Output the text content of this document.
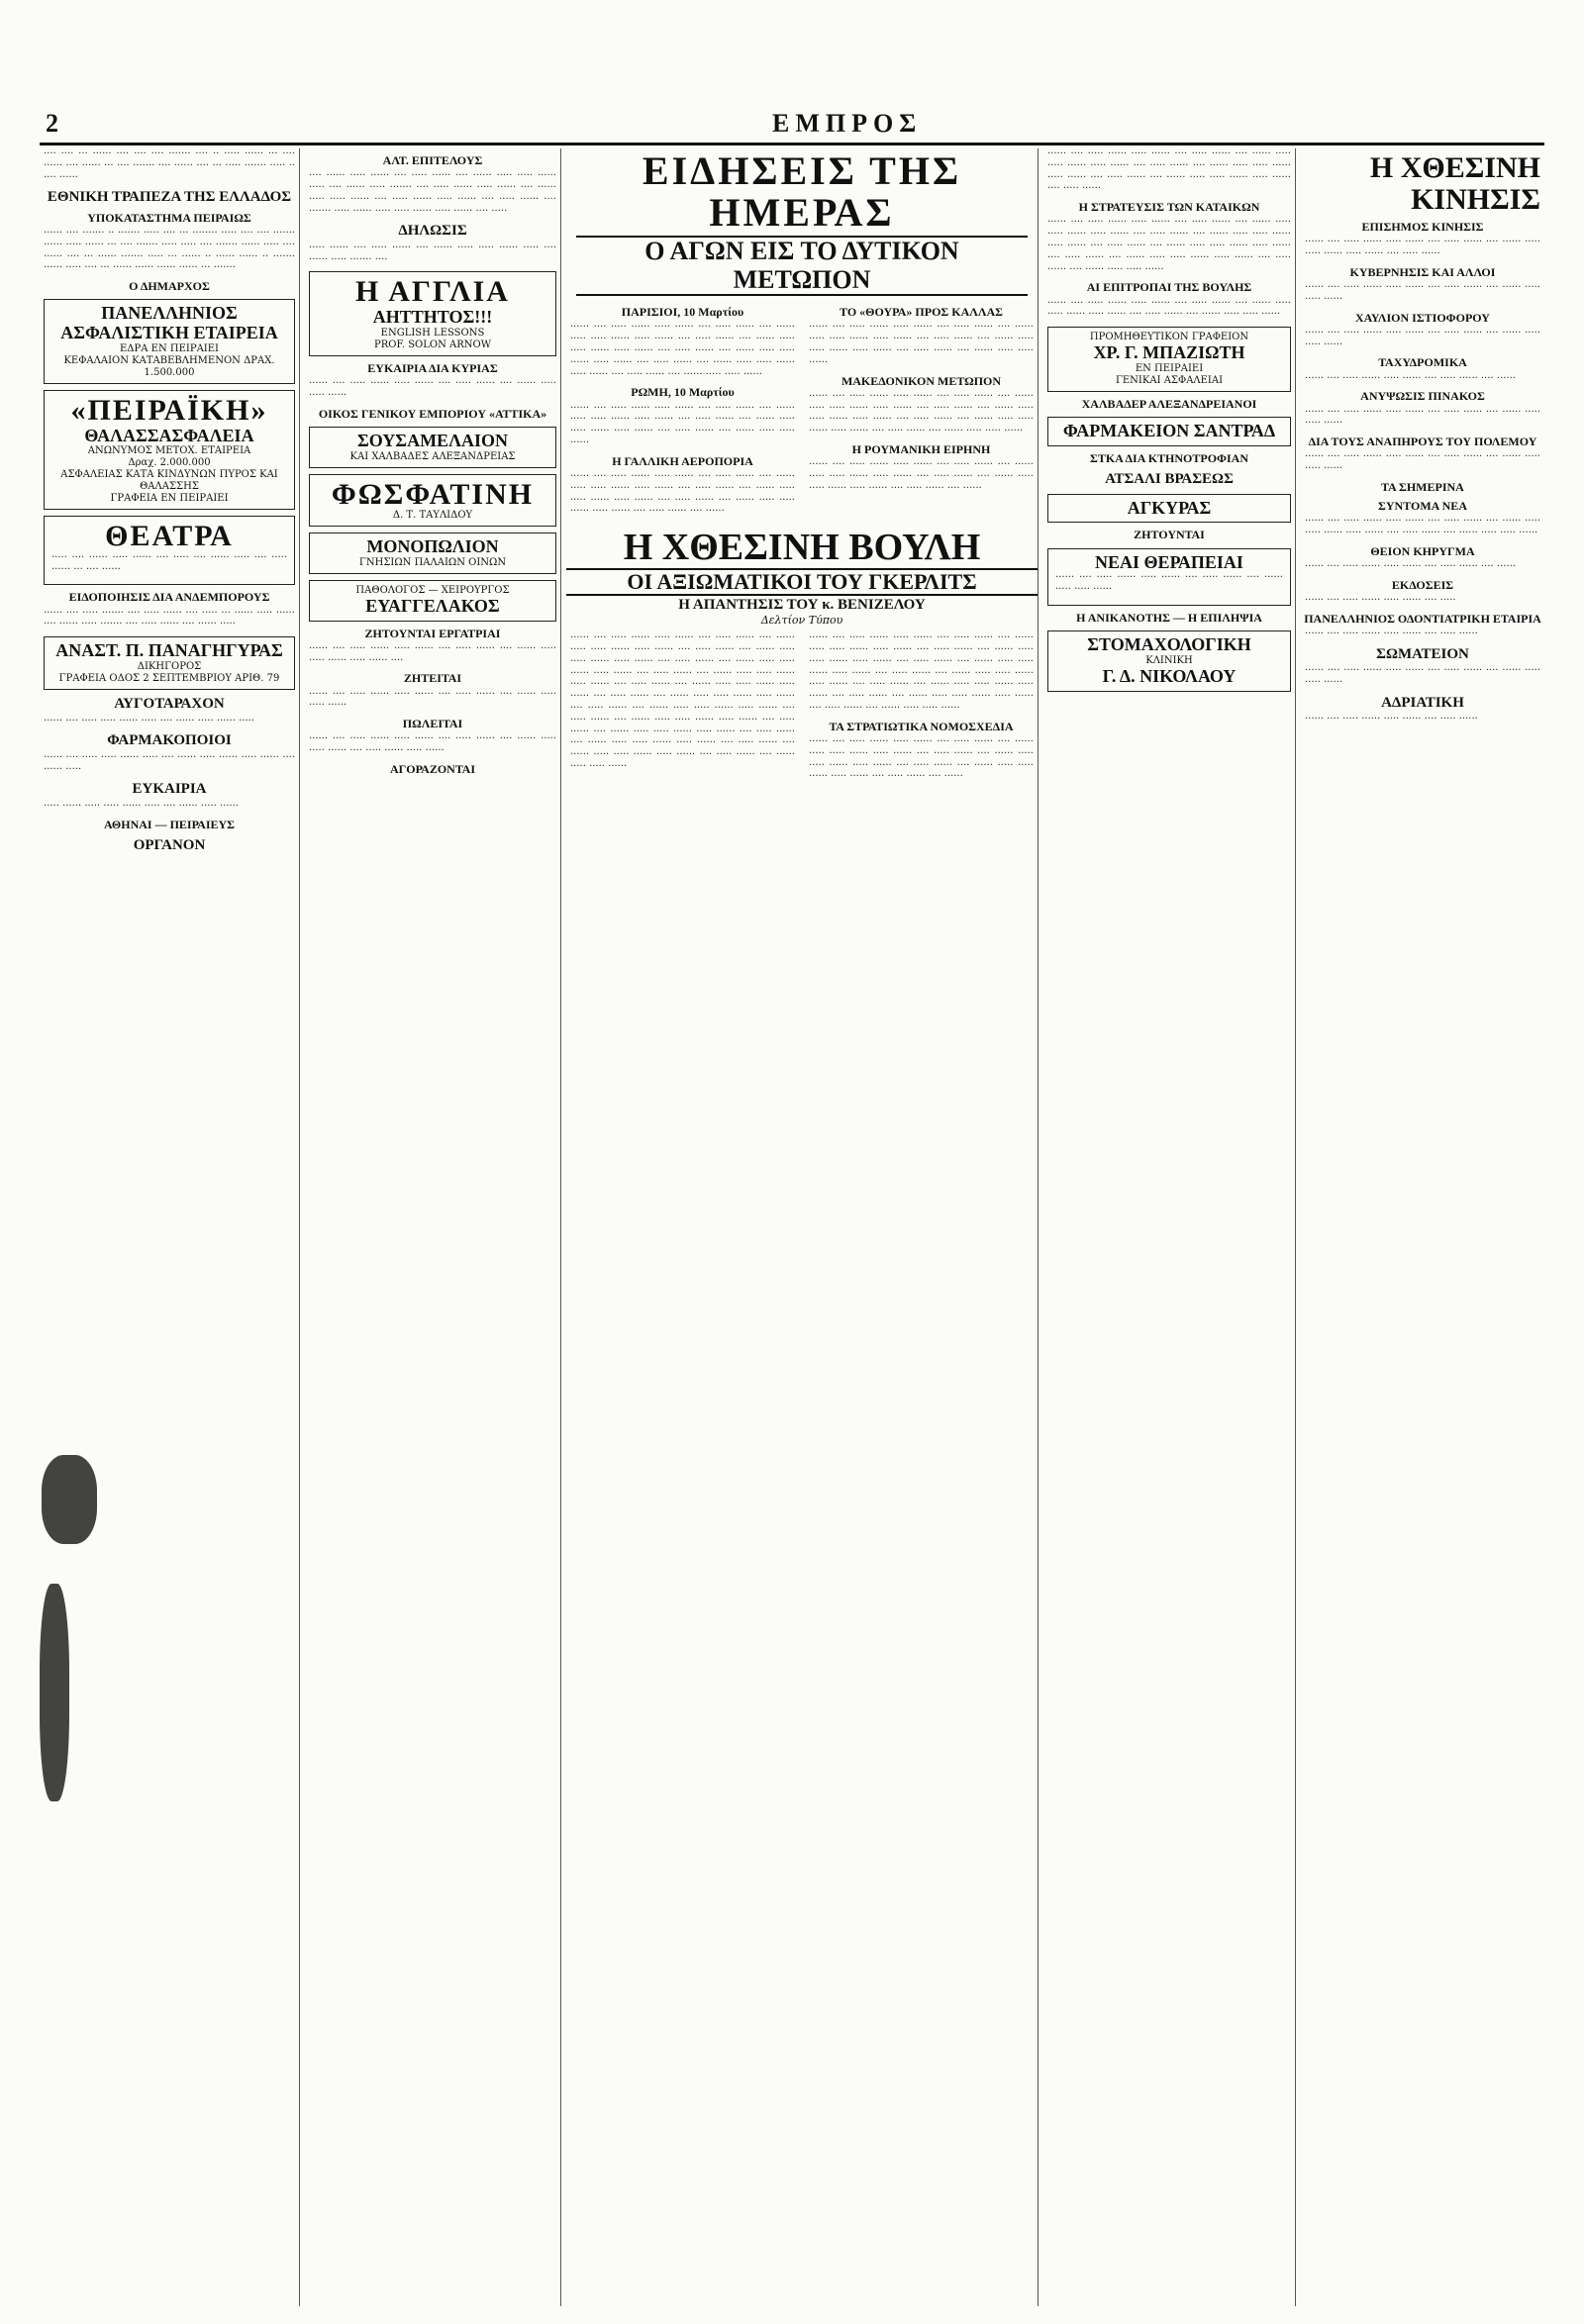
2	ΕΜΠΡΟΣ
···· ···· ··· ······ ···· ···· ···· ······· ···· ·· ····· ······ ··· ···· ······ ···· ······ ··· ···· ······· ···· ······ ···· ··· ····· ······· ····· ·· ···· ······
ΕΘΝΙΚΗ ΤΡΑΠΕΖΑ ΤΗΣ ΕΛΛΑΔΟΣ
ΥΠΟΚΑΤΑΣΤΗΜΑ ΠΕΙΡΑΙΩΣ
······ ···· ······· ·· ······· ····· ···· ··· ········ ····· ···· ···· ······· ······ ····· ······ ··· ···· ······· ····· ····· ···· ······· ······ ····· ···· ······ ···· ··· ······ ······· ····· ··· ······ ·· ······ ······ ·· ······· ······ ····· ···· ··· ······ ······ ······ ······ ··· ·······
Ο ΔΗΜΑΡΧΟΣ
ΠΑΝΕΛΛΗΝΙΟΣ ΑΣΦΑΛΙΣΤΙΚΗ ΕΤΑΙΡΕΙΑ
ΕΔΡΑ ΕΝ ΠΕΙΡΑΙΕΙ
ΚΕΦΑΛΑΙΟΝ ΚΑΤΑΒΕΒΛΗΜΕΝΟΝ ΔΡΑΧ. 1.500.000
«ΠΕΙΡΑΪΚΗ»
ΘΑΛΑΣΣΑΣΦΑΛΕΙΑ
ΑΝΩΝΥΜΟΣ ΜΕΤΟΧ. ΕΤΑΙΡΕΙΑ
Δραχ. 2.000.000
ΑΣΦΑΛΕΙΑΣ ΚΑΤΑ ΚΙΝΔΥΝΩΝ ΠΥΡΟΣ ΚΑΙ ΘΑΛΑΣΣΗΣ
ΓΡΑΦΕΙΑ ΕΝ ΠΕΙΡΑΙΕΙ
ΘΕΑΤΡΑ
····· ···· ······ ····· ······ ···· ····· ···· ······ ····· ···· ····· ······ ··· ···· ······
ΕΙΔΟΠΟΙΗΣΙΣ ΔΙΑ ΑΝΔΕΜΠΟΡΟΥΣ
······ ···· ····· ······· ···· ····· ······ ···· ····· ··· ······ ····· ······ ···· ······ ····· ······· ···· ····· ······ ···· ······ ·····
ΑΝΑΣΤ. Π. ΠΑΝΑΓΗΓΥΡΑΣ
ΔΙΚΗΓΟΡΟΣ
ΓΡΑΦΕΙΑ ΟΔΟΣ 2 ΣΕΠΤΕΜΒΡΙΟΥ ΑΡΙΘ. 79
ΑΥΓΟΤΑΡΑΧΟΝ
······ ···· ····· ····· ······ ····· ···· ······ ····· ······ ·····
ΦΑΡΜΑΚΟΠΟΙΟΙ
······ ···· ····· ····· ······ ····· ···· ······ ····· ······ ····· ······ ···· ······ ·····
ΕΥΚΑΙΡΙΑ
····· ······ ····· ····· ······ ····· ···· ······ ····· ······
ΑΘΗΝΑΙ — ΠΕΙΡΑΙΕΥΣ
ΟΡΓΑΝΟΝ
ΑΛΤ. ΕΠΙΤΕΛΟΥΣ
···· ······ ····· ······ ···· ····· ······ ···· ······ ····· ····· ······ ····· ···· ······ ····· ······· ···· ····· ······ ····· ······ ···· ······ ····· ····· ······ ···· ····· ······ ····· ······ ···· ····· ······ ···· ······· ····· ······ ····· ····· ······ ····· ······ ···· ·····
ΔΗΛΩΣΙΣ
····· ······ ···· ····· ······ ···· ······ ····· ····· ······ ····· ···· ······ ····· ······· ····
Η ΑΓΓΛΙΑ
ΑΗΤΤΗΤΟΣ!!!
ENGLISH LESSONS
PROF. SOLON ARNOW
ΕΥΚΑΙΡΙΑ ΔΙΑ ΚΥΡΙΑΣ
······ ···· ····· ······ ····· ······ ···· ····· ······ ···· ······ ····· ····· ······
ΟΙΚΟΣ ΓΕΝΙΚΟΥ ΕΜΠΟΡΙΟΥ «ΑΤΤΙΚΑ»
ΣΟΥΣΑΜΕΛΑΙΟΝ
ΚΑΙ ΧΑΛΒΑΔΕΣ ΑΛΕΞΑΝΔΡΕΙΑΣ
ΦΩΣΦΑΤΙΝΗ
Δ. Τ. ΤΑΥΛΙΔΟΥ
ΜΟΝΟΠΩΛΙΟΝ
ΓΝΗΣΙΩΝ ΠΑΛΑΙΩΝ ΟΙΝΩΝ
ΠΑΘΟΛΟΓΟΣ — ΧΕΙΡΟΥΡΓΟΣ
ΕΥΑΓΓΕΛΑΚΟΣ
ΖΗΤΟΥΝΤΑΙ ΕΡΓΑΤΡΙΑΙ
······ ···· ····· ······ ····· ······ ···· ····· ······ ···· ······ ····· ····· ······ ····· ······ ····
ΖΗΤΕΙΤΑΙ
······ ···· ····· ······ ····· ······ ···· ····· ······ ···· ······ ····· ····· ······
ΠΩΛΕΙΤΑΙ
······ ···· ····· ······ ····· ······ ···· ····· ······ ···· ······ ····· ····· ······ ···· ····· ······ ····· ······
ΑΓΟΡΑΖΟΝΤΑΙ
ΕΙΔΗΣΕΙΣ ΤΗΣ ΗΜΕΡΑΣ
Ο ΑΓΩΝ ΕΙΣ ΤΟ ΔΥΤΙΚΟΝ ΜΕΤΩΠΟΝ
ΠΑΡΙΣΙΟΙ, 10 Μαρτίου
······ ···· ····· ······ ····· ······ ···· ····· ······ ···· ······ ····· ····· ······ ····· ······ ···· ····· ······ ···· ······ ····· ····· ······ ····· ······ ···· ····· ······ ···· ······ ····· ····· ······ ····· ······ ···· ····· ······ ···· ······ ····· ····· ······ ····· ······ ···· ····· ······ ···· ······ ····· ····· ······
ΡΩΜΗ, 10 Μαρτίου
······ ···· ····· ······ ····· ······ ···· ····· ······ ···· ······ ····· ····· ······ ····· ······ ···· ····· ······ ···· ······ ····· ····· ······ ····· ······ ···· ····· ······ ···· ······ ····· ····· ······
Η ΓΑΛΛΙΚΗ ΑΕΡΟΠΟΡΙΑ
······ ···· ····· ······ ····· ······ ···· ····· ······ ···· ······ ····· ····· ······ ····· ······ ···· ····· ······ ···· ······ ····· ····· ······ ····· ······ ···· ····· ······ ···· ······ ····· ····· ······ ····· ······ ···· ····· ······ ···· ······
ΤΟ «ΘΟΥΡΑ» ΠΡΟΣ ΚΑΛΛΑΣ
······ ···· ····· ······ ····· ······ ···· ····· ······ ···· ······ ····· ····· ······ ····· ······ ···· ····· ······ ···· ······ ····· ····· ······ ····· ······ ···· ····· ······ ···· ······ ····· ····· ······
ΜΑΚΕΔΟΝΙΚΟΝ ΜΕΤΩΠΟΝ
······ ···· ····· ······ ····· ······ ···· ····· ······ ···· ······ ····· ····· ······ ····· ······ ···· ····· ······ ···· ······ ····· ····· ······ ····· ······ ···· ····· ······ ···· ······ ····· ····· ······ ····· ······ ···· ····· ······ ···· ······ ····· ····· ······
Η ΡΟΥΜΑΝΙΚΗ ΕΙΡΗΝΗ
······ ···· ····· ······ ····· ······ ···· ····· ······ ···· ······ ····· ····· ······ ····· ······ ···· ····· ······ ···· ······ ····· ····· ······ ····· ······ ···· ····· ······ ···· ······
Η ΧΘΕΣΙΝΗ ΒΟΥΛΗ
ΟΙ ΑΞΙΩΜΑΤΙΚΟΙ ΤΟΥ ΓΚΕΡΛΙΤΣ
Η ΑΠΑΝΤΗΣΙΣ ΤΟΥ κ. ΒΕΝΙΖΕΛΟΥ
Δελτίον Τύπου
······ ···· ····· ······ ····· ······ ···· ····· ······ ···· ······ ····· ····· ······ ····· ······ ···· ····· ······ ···· ······ ····· ····· ······ ····· ······ ···· ····· ······ ···· ······ ····· ····· ······ ····· ······ ···· ····· ······ ···· ······ ····· ····· ······ ····· ······ ···· ····· ······ ···· ······ ····· ····· ······ ····· ······ ···· ····· ······ ···· ······ ····· ····· ······ ····· ······ ···· ····· ······ ···· ······ ····· ····· ······ ····· ······ ···· ····· ······ ···· ······ ····· ····· ······ ····· ······ ···· ····· ······ ···· ······ ····· ····· ······ ····· ······ ···· ····· ······ ···· ······ ····· ····· ······ ····· ······ ···· ····· ······ ···· ······ ····· ····· ······ ····· ······ ···· ····· ······ ···· ······ ····· ····· ······
······ ···· ····· ······ ····· ······ ···· ····· ······ ···· ······ ····· ····· ······ ····· ······ ···· ····· ······ ···· ······ ····· ····· ······ ····· ······ ···· ····· ······ ···· ······ ····· ····· ······ ····· ······ ···· ····· ······ ···· ······ ····· ····· ······ ····· ······ ···· ····· ······ ···· ······ ····· ····· ······ ····· ······ ···· ····· ······ ···· ······ ····· ····· ······ ····· ······ ···· ····· ······ ···· ······ ····· ····· ······
ΤΑ ΣΤΡΑΤΙΩΤΙΚΑ ΝΟΜΟΣΧΕΔΙΑ
······ ···· ····· ······ ····· ······ ···· ····· ······ ···· ······ ····· ····· ······ ····· ······ ···· ····· ······ ···· ······ ····· ····· ······ ····· ······ ···· ····· ······ ···· ······ ····· ····· ······ ····· ······ ···· ····· ······ ···· ······
······ ···· ····· ······ ····· ······ ···· ····· ······ ···· ······ ····· ····· ······ ····· ······ ···· ····· ······ ···· ······ ····· ····· ······ ····· ······ ···· ····· ······ ···· ······ ····· ····· ······ ····· ······ ···· ····· ······
Η ΣΤΡΑΤΕΥΣΙΣ ΤΩΝ ΚΑΤΑΙΚΩΝ
······ ···· ····· ······ ····· ······ ···· ····· ······ ···· ······ ····· ····· ······ ····· ······ ···· ····· ······ ···· ······ ····· ····· ······ ····· ······ ···· ····· ······ ···· ······ ····· ····· ······ ····· ······ ···· ····· ······ ···· ······ ····· ····· ······ ····· ······ ···· ····· ······ ···· ······ ····· ····· ······
ΑΙ ΕΠΙΤΡΟΠΑΙ ΤΗΣ ΒΟΥΛΗΣ
······ ···· ····· ······ ····· ······ ···· ····· ······ ···· ······ ····· ····· ······ ····· ······ ···· ····· ······ ···· ······ ····· ····· ······
ΠΡΟΜΗΘΕΥΤΙΚΟΝ ΓΡΑΦΕΙΟΝ
ΧΡ. Γ. ΜΠΑΖΙΩΤΗ
ΕΝ ΠΕΙΡΑΙΕΙ
ΓΕΝΙΚΑΙ ΑΣΦΑΛΕΙΑΙ
ΧΑΛΒΑΔΕΡ ΑΛΕΞΑΝΔΡΕΙΑΝΟΙ
ΦΑΡΜΑΚΕΙΟΝ ΣΑΝΤΡΑΔ
ΣΤΚΑ ΔΙΑ ΚΤΗΝΟΤΡΟΦΙΑΝ
ΑΤΣΑΛΙ ΒΡΑΣΕΩΣ
ΑΓΚΥΡΑΣ
ΖΗΤΟΥΝΤΑΙ
ΝΕΑΙ ΘΕΡΑΠΕΙΑΙ
······ ···· ····· ······ ····· ······ ···· ····· ······ ···· ······ ····· ····· ······
Η ΑΝΙΚΑΝΟΤΗΣ — Η ΕΠΙΛΗΨΙΑ
ΣΤΟΜΑΧΟΛΟΓΙΚΗ
ΚΛΙΝΙΚΗ
Γ. Δ. ΝΙΚΟΛΑΟΥ
Η ΧΘΕΣΙΝΗ
ΚΙΝΗΣΙΣ
ΕΠΙΣΗΜΟΣ ΚΙΝΗΣΙΣ
······ ···· ····· ······ ····· ······ ···· ····· ······ ···· ······ ····· ····· ······ ····· ······ ···· ····· ······
ΚΥΒΕΡΝΗΣΙΣ ΚΑΙ ΑΛΛΟΙ
······ ···· ····· ······ ····· ······ ···· ····· ······ ···· ······ ····· ····· ······
ΧΑΥΛΙΟΝ ΙΣΤΙΟΦΟΡΟΥ
······ ···· ····· ······ ····· ······ ···· ····· ······ ···· ······ ····· ····· ······
ΤΑΧΥΔΡΟΜΙΚΑ
······ ···· ····· ······ ····· ······ ···· ····· ······ ···· ······
ΑΝΥΨΩΣΙΣ ΠΙΝΑΚΟΣ
······ ···· ····· ······ ····· ······ ···· ····· ······ ···· ······ ····· ····· ······
ΔΙΑ ΤΟΥΣ ΑΝΑΠΗΡΟΥΣ ΤΟΥ ΠΟΛΕΜΟΥ
······ ···· ····· ······ ····· ······ ···· ····· ······ ···· ······ ····· ····· ······
ΤΑ ΣΗΜΕΡΙΝΑ
ΣΥΝΤΟΜΑ ΝΕΑ
······ ···· ····· ······ ····· ······ ···· ····· ······ ···· ······ ····· ····· ······ ····· ······ ···· ····· ······ ···· ······ ····· ····· ······
ΘΕΙΟΝ ΚΗΡΥΓΜΑ
······ ···· ····· ······ ····· ······ ···· ····· ······ ···· ······
ΕΚΔΟΣΕΙΣ
······ ···· ····· ······ ····· ······ ···· ·····
ΠΑΝΕΛΛΗΝΙΟΣ ΟΔΟΝΤΙΑΤΡΙΚΗ ΕΤΑΙΡΙΑ
······ ···· ····· ······ ····· ······ ···· ····· ······
ΣΩΜΑΤΕΙΟΝ
······ ···· ····· ······ ····· ······ ···· ····· ······ ···· ······ ····· ····· ······
ΑΔΡΙΑΤΙΚΗ
······ ···· ····· ······ ····· ······ ···· ····· ······
